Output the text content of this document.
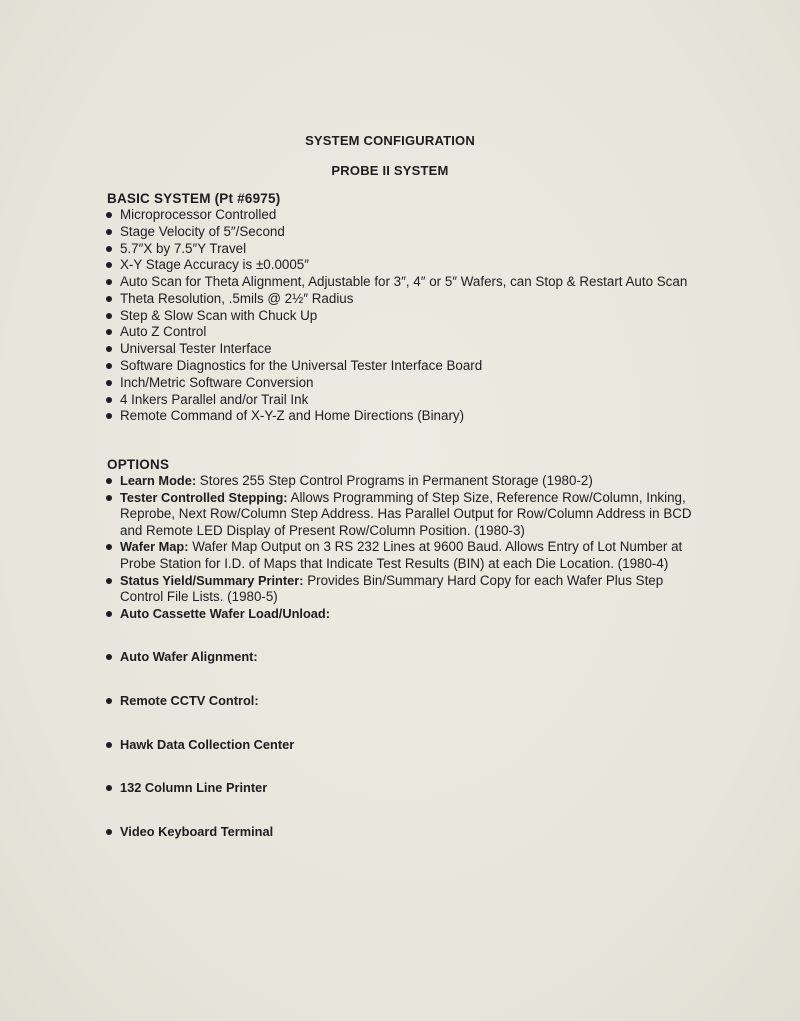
SYSTEM CONFIGURATION
PROBE II SYSTEM
BASIC SYSTEM (Pt #6975)
Microprocessor Controlled
Stage Velocity of 5″/Second
5.7″X by 7.5″Y Travel
X-Y Stage Accuracy is ±0.0005″
Auto Scan for Theta Alignment, Adjustable for 3″, 4″ or 5″ Wafers, can Stop & Restart Auto Scan
Theta Resolution, .5mils @ 2½″ Radius
Step & Slow Scan with Chuck Up
Auto Z Control
Universal Tester Interface
Software Diagnostics for the Universal Tester Interface Board
Inch/Metric Software Conversion
4 Inkers Parallel and/or Trail Ink
Remote Command of X-Y-Z and Home Directions (Binary)
OPTIONS
Learn Mode: Stores 255 Step Control Programs in Permanent Storage (1980-2)
Tester Controlled Stepping: Allows Programming of Step Size, Reference Row/Column, Inking, Reprobe, Next Row/Column Step Address. Has Parallel Output for Row/Column Address in BCD and Remote LED Display of Present Row/Column Position. (1980-3)
Wafer Map: Wafer Map Output on 3 RS 232 Lines at 9600 Baud. Allows Entry of Lot Number at Probe Station for I.D. of Maps that Indicate Test Results (BIN) at each Die Location. (1980-4)
Status Yield/Summary Printer: Provides Bin/Summary Hard Copy for each Wafer Plus Step Control File Lists. (1980-5)
Auto Cassette Wafer Load/Unload:
Auto Wafer Alignment:
Remote CCTV Control:
Hawk Data Collection Center
132 Column Line Printer
Video Keyboard Terminal
